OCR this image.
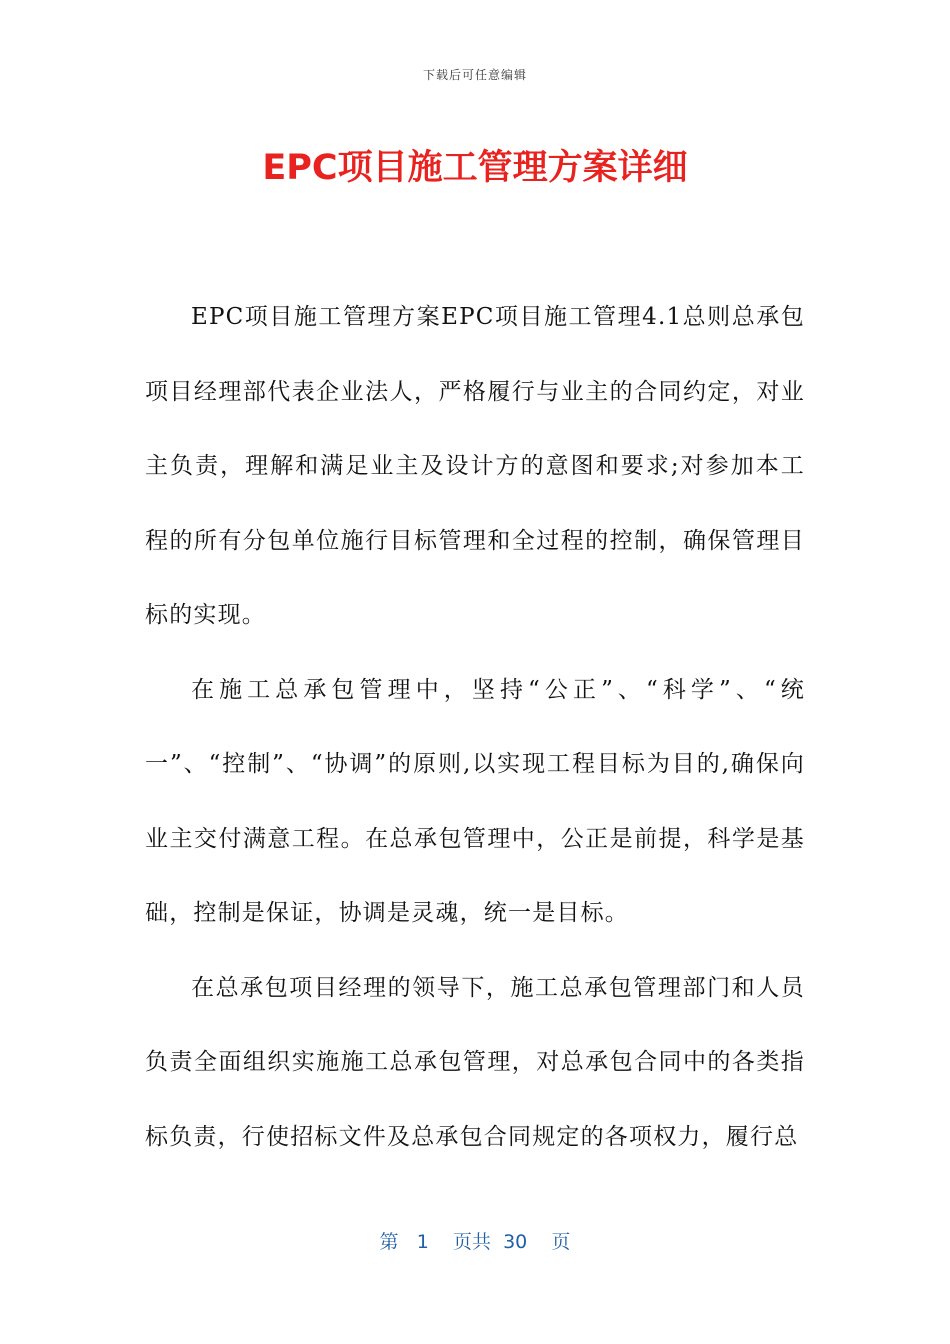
下载后可任意编辑
EPC项目施工管理方案详细

EPC项目施工管理方案EPC项目施工管理4.1总则总承包项目经理部代表企业法人，严格履行与业主的合同约定，对业主负责，理解和满足业主及设计方的意图和要求;对参加本工程的所有分包单位施行目标管理和全过程的控制，确保管理目标的实现。

在施工总承包管理中，坚持“公正”、“科学”、“统一”、“控制”、“协调”的原则,以实现工程目标为目的,确保向业主交付满意工程。在总承包管理中，公正是前提，科学是基础，控制是保证，协调是灵魂，统一是目标。

在总承包项目经理的领导下，施工总承包管理部门和人员负责全面组织实施施工总承包管理，对总承包合同中的各类指标负责，行使招标文件及总承包合同规定的各项权力，履行总

第 1 页共 30 页
